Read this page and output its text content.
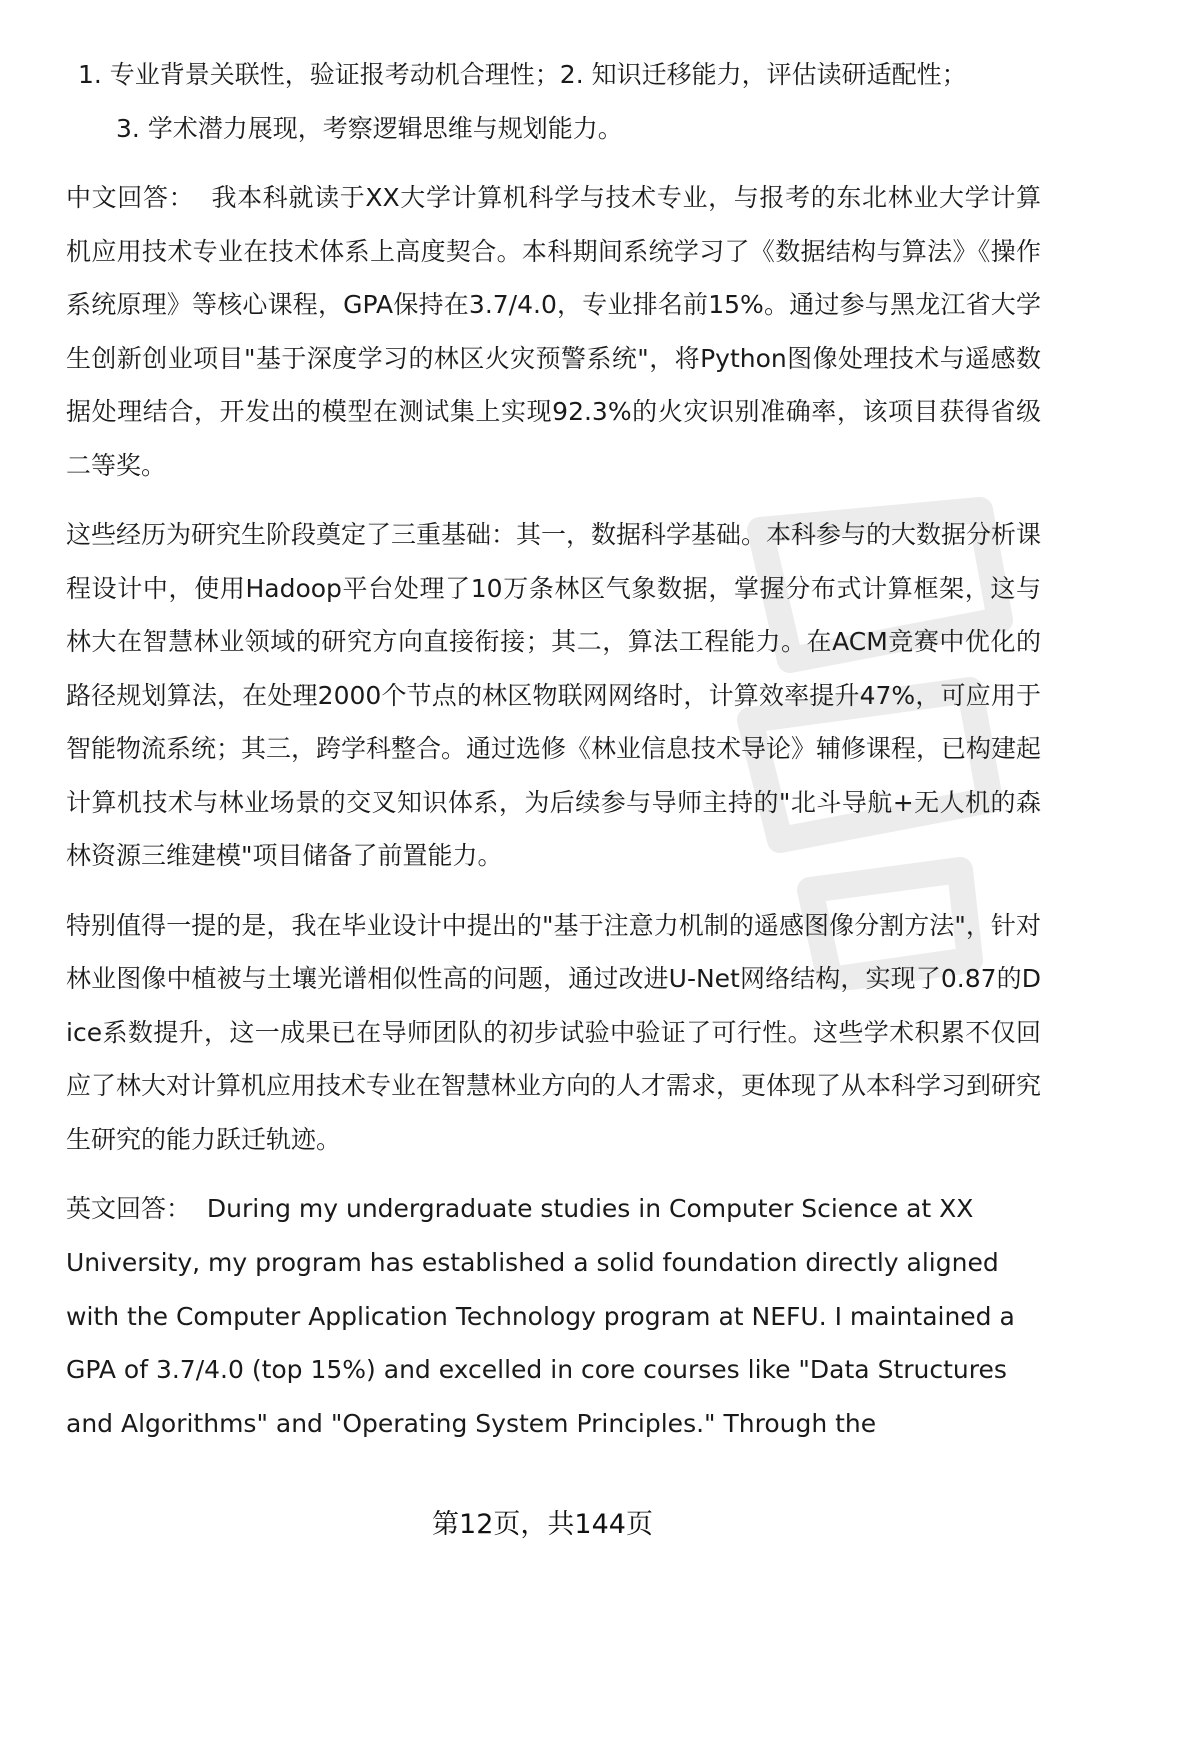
1. 专业背景关联性，验证报考动机合理性；2. 知识迁移能力，评估读研适配性；
3. 学术潜力展现，考察逻辑思维与规划能力。
中文回答： 我本科就读于XX大学计算机科学与技术专业，与报考的东北林业大学计算机应用技术专业在技术体系上高度契合。本科期间系统学习了《数据结构与算法》《操作系统原理》等核心课程，GPA保持在3.7/4.0，专业排名前15%。通过参与黑龙江省大学生创新创业项目"基于深度学习的林区火灾预警系统"，将Python图像处理技术与遥感数据处理结合，开发出的模型在测试集上实现92.3%的火灾识别准确率，该项目获得省级二等奖。
这些经历为研究生阶段奠定了三重基础：其一，数据科学基础。本科参与的大数据分析课程设计中，使用Hadoop平台处理了10万条林区气象数据，掌握分布式计算框架，这与林大在智慧林业领域的研究方向直接衔接；其二，算法工程能力。在ACM竞赛中优化的路径规划算法，在处理2000个节点的林区物联网网络时，计算效率提升47%，可应用于智能物流系统；其三，跨学科整合。通过选修《林业信息技术导论》辅修课程，已构建起计算机技术与林业场景的交叉知识体系，为后续参与导师主持的"北斗导航+无人机的森林资源三维建模"项目储备了前置能力。
特别值得一提的是，我在毕业设计中提出的"基于注意力机制的遥感图像分割方法"，针对林业图像中植被与土壤光谱相似性高的问题，通过改进U-Net网络结构，实现了0.87的Dice系数提升，这一成果已在导师团队的初步试验中验证了可行性。这些学术积累不仅回应了林大对计算机应用技术专业在智慧林业方向的人才需求，更体现了从本科学习到研究生研究的能力跃迁轨迹。
英文回答： During my undergraduate studies in Computer Science at XX University, my program has established a solid foundation directly aligned with the Computer Application Technology program at NEFU. I maintained a GPA of 3.7/4.0 (top 15%) and excelled in core courses like "Data Structures and Algorithms" and "Operating System Principles." Through the
第12页，共144页
